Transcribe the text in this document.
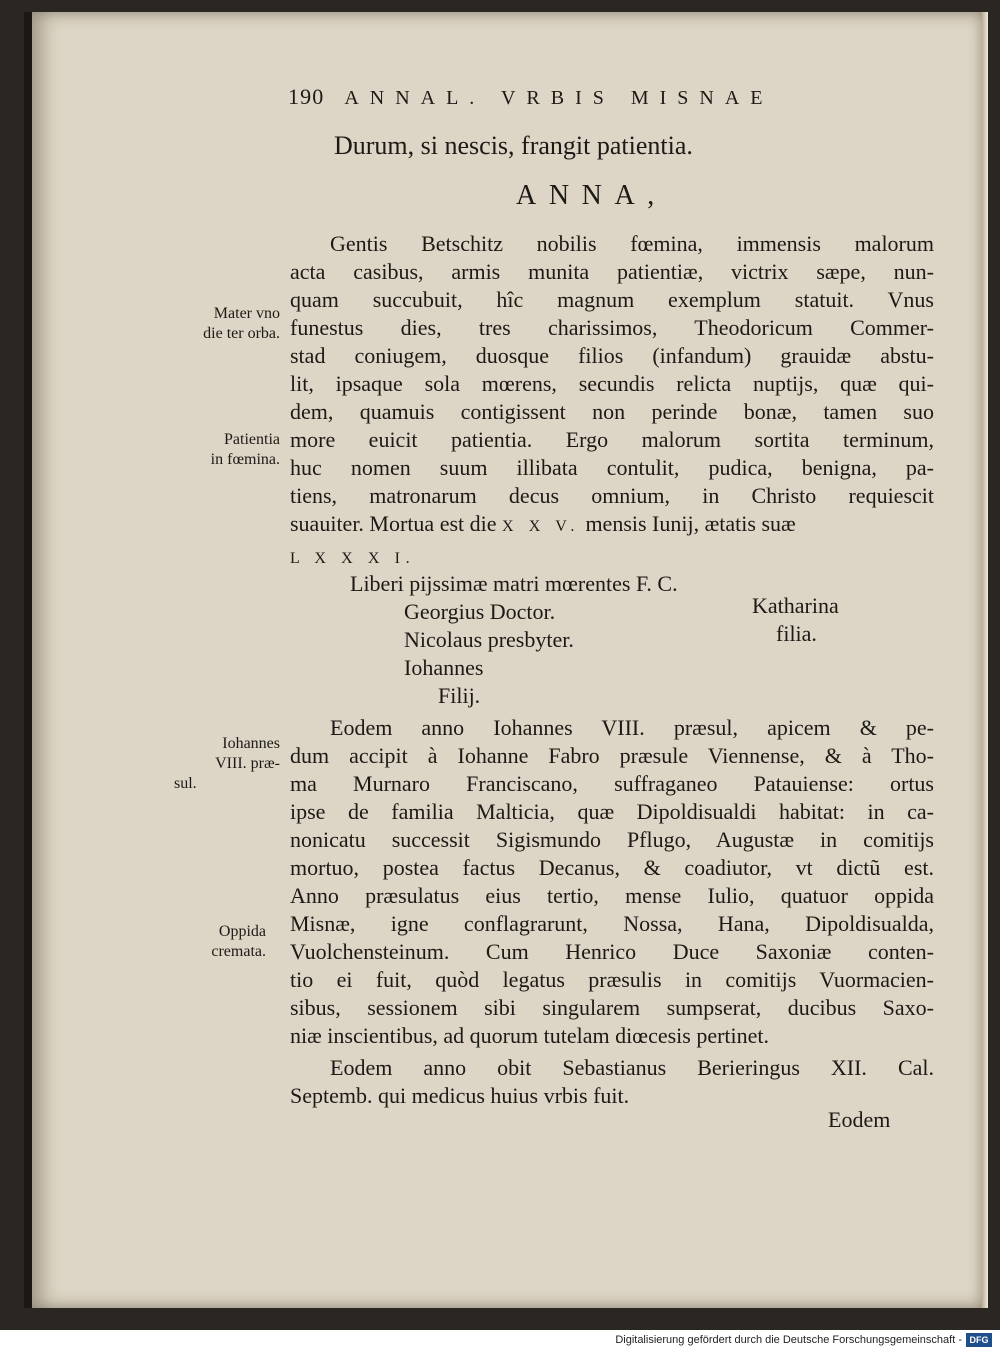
190 ANNAL. VRBIS MISNAE
Durum, si nescis, frangit patientia.
ANNA,
Gentis Betschitz nobilis fœmina, immensis malorum
acta casibus, armis munita patientiæ, victrix sæpe, nun-
quam succubuit, hîc magnum exemplum statuit. Vnus
funestus dies, tres charissimos, Theodoricum Commer-
stad coniugem, duosque filios (infandum) grauidæ abstu-
lit, ipsaque sola mœrens, secundis relicta nuptijs, quæ qui-
dem, quamuis contigissent non perinde bonæ, tamen suo
more euicit patientia. Ergo malorum sortita terminum,
huc nomen suum illibata contulit, pudica, benigna, pa-
tiens, matronarum decus omnium, in Christo requiescit
suauiter. Mortua est die X X V. mensis Iunij, ætatis suæ
L X X X I.
Liberi pijssimæ matri mœrentes F. C.
Georgius Doctor.
Nicolaus presbyter.
Iohannes
Filij.
Katharina
filia.
Eodem anno Iohannes VIII. præsul, apicem & pe-
dum accipit à Iohanne Fabro præsule Viennense, & à Tho-
ma Murnaro Franciscano, suffraganeo Patauiense: ortus
ipse de familia Malticia, quæ Dipoldisualdi habitat: in ca-
nonicatu successit Sigismundo Pflugo, Augustæ in comitijs
mortuo, postea factus Decanus, & coadiutor, vt dictũ est.
Anno præsulatus eius tertio, mense Iulio, quatuor oppida
Misnæ, igne conflagrarunt, Nossa, Hana, Dipoldisualda,
Vuolchensteinum. Cum Henrico Duce Saxoniæ conten-
tio ei fuit, quòd legatus præsulis in comitijs Vuormacien-
sibus, sessionem sibi singularem sumpserat, ducibus Saxo-
niæ inscientibus, ad quorum tutelam diœcesis pertinet.
Eodem anno obit Sebastianus Berieringus XII. Cal.
Septemb. qui medicus huius vrbis fuit.
Eodem
Mater vno
die ter orba.
Patientia
in fœmina.
Iohannes
VIII. præ-
sul.
Oppida
cremata.
Digitalisierung gefördert durch die Deutsche Forschungsgemeinschaft - DFG
